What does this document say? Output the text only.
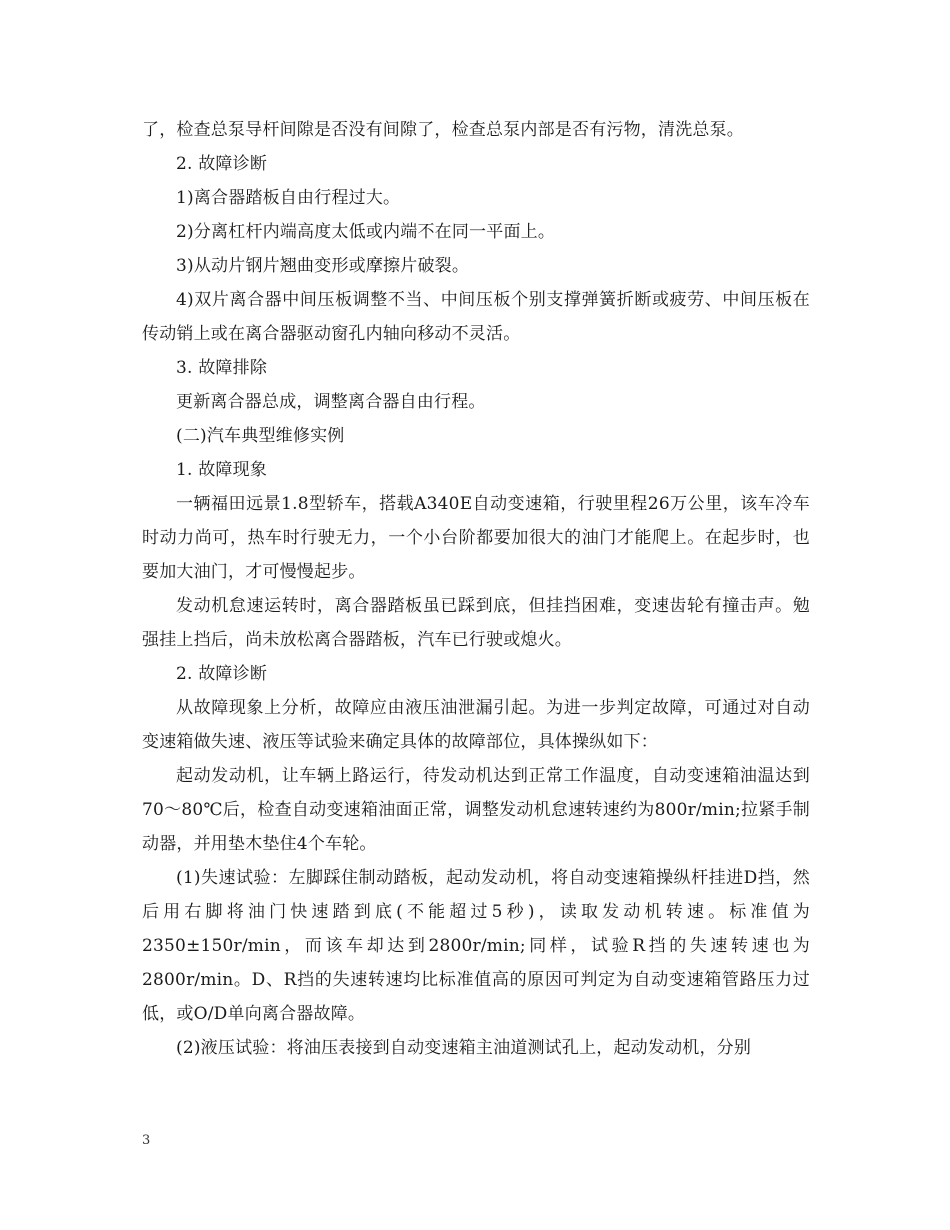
了，检查总泵导杆间隙是否没有间隙了，检查总泵内部是否有污物，清洗总泵。

2. 故障诊断

1)离合器踏板自由行程过大。

2)分离杠杆内端高度太低或内端不在同一平面上。

3)从动片钢片翘曲变形或摩擦片破裂。

4)双片离合器中间压板调整不当、中间压板个别支撑弹簧折断或疲劳、中间压板在传动销上或在离合器驱动窗孔内轴向移动不灵活。

3. 故障排除

更新离合器总成，调整离合器自由行程。

(二)汽车典型维修实例

1. 故障现象

一辆福田远景1.8型轿车，搭载A340E自动变速箱，行驶里程26万公里，该车冷车时动力尚可，热车时行驶无力，一个小台阶都要加很大的油门才能爬上。在起步时，也要加大油门，才可慢慢起步。

发动机怠速运转时，离合器踏板虽已踩到底，但挂挡困难，变速齿轮有撞击声。勉强挂上挡后，尚未放松离合器踏板，汽车已行驶或熄火。

2. 故障诊断

从故障现象上分析，故障应由液压油泄漏引起。为进一步判定故障，可通过对自动变速箱做失速、液压等试验来确定具体的故障部位，具体操纵如下：

起动发动机，让车辆上路运行，待发动机达到正常工作温度，自动变速箱油温达到70～80℃后，检查自动变速箱油面正常，调整发动机怠速转速约为800r/min;拉紧手制动器，并用垫木垫住4个车轮。

(1)失速试验：左脚踩住制动踏板，起动发动机，将自动变速箱操纵杆挂进D挡，然后用右脚将油门快速踏到底(不能超过5秒)，读取发动机转速。标准值为2350±150r/min，而该车却达到2800r/min;同样，试验R挡的失速转速也为2800r/min。D、R挡的失速转速均比标准值高的原因可判定为自动变速箱管路压力过低，或O/D单向离合器故障。

(2)液压试验：将油压表接到自动变速箱主油道测试孔上，起动发动机，分别

3
